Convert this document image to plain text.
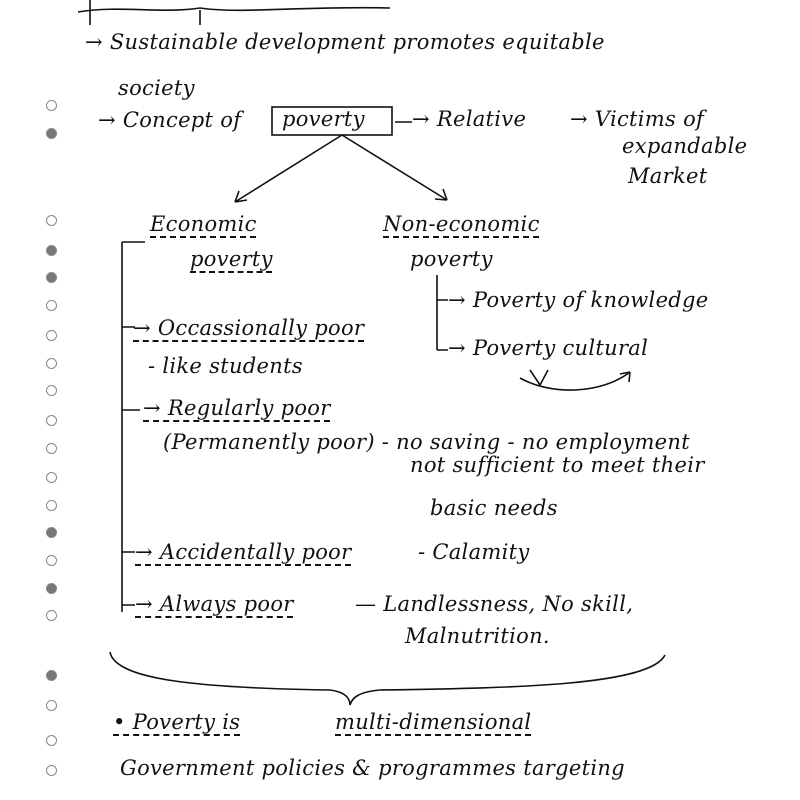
→ Sustainable development promotes equitable
society
→ Concept of poverty → Relative → Victims of
expandable
Market
Economic
poverty
Non-economic
poverty
→ Poverty of knowledge
→ Poverty cultural
→ Occassionally poor
- like students
→ Regularly poor
(Permanently poor) - no saving - no employment
not sufficient to meet their
basic needs
→ Accidentally poor	- Calamity
→ Always poor	— Landlessness, No skill,
Malnutrition.
• Poverty is	multi-dimensional
Government policies & programmes targeting
